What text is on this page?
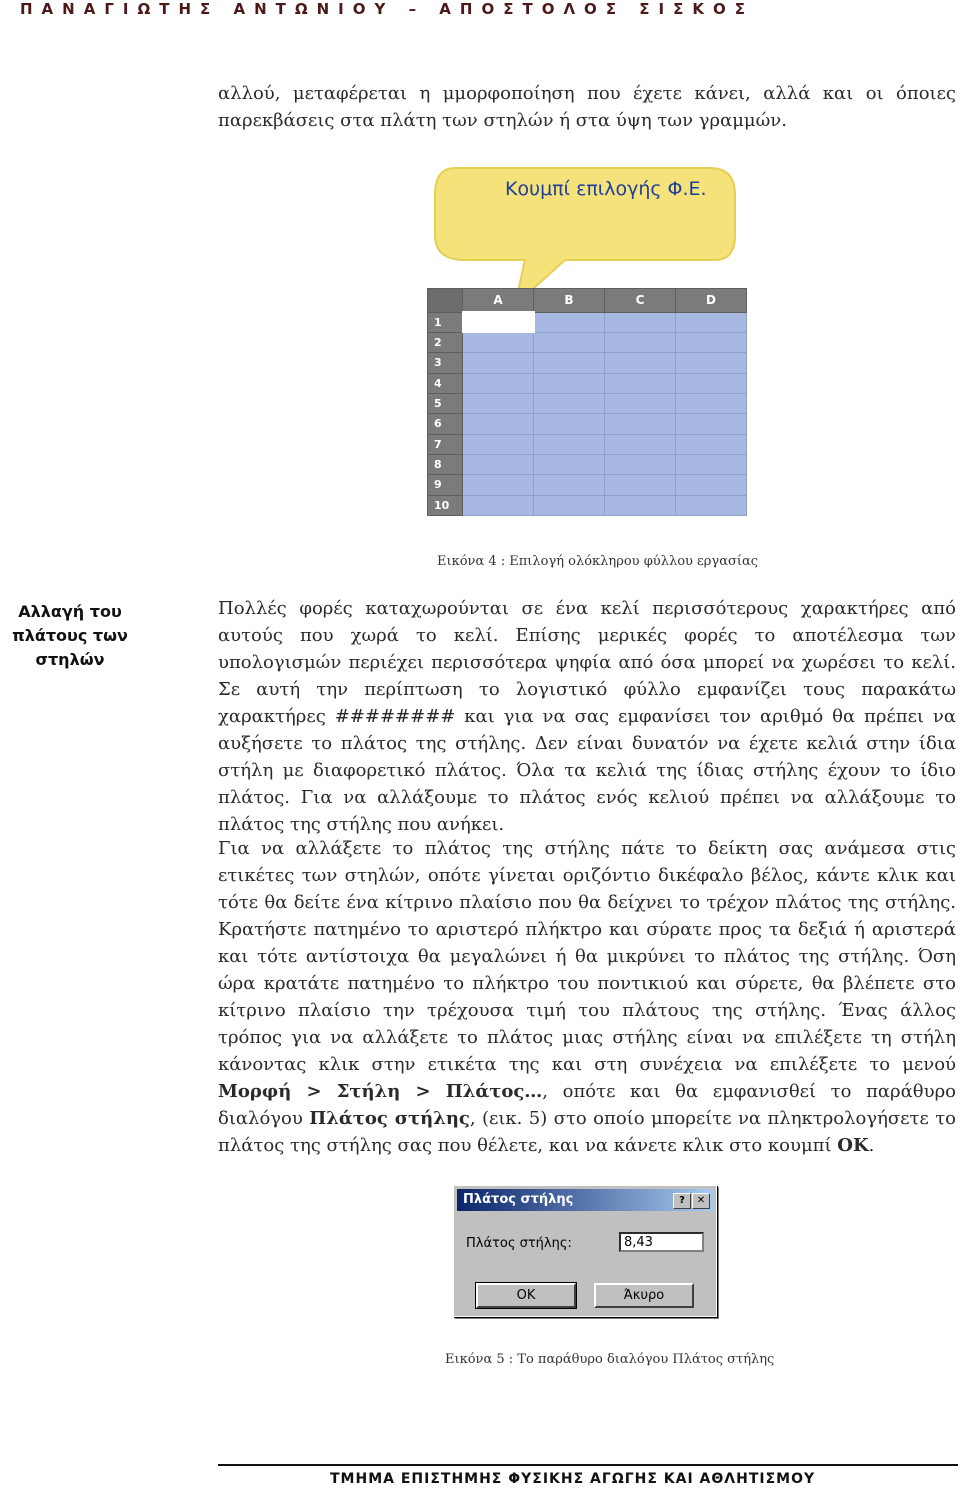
ΠΑΝΑΓΙΩΤΗΣ ΑΝΤΩΝΙΟΥ – ΑΠΟΣΤΟΛΟΣ ΣΙΣΚΟΣ

αλλού, μεταφέρεται η μμορφοποίηση που έχετε κάνει, αλλά και οι όποιες παρεκβάσεις στα πλάτη των στηλών ή στα ύψη των γραμμών.

Κουμπί επιλογής Φ.Ε.
	A	B	C	D
1				
2				
3				
4				
5				
6				
7				
8				
9				
10				
Εικόνα 4 : Επιλογή ολόκληρου φύλλου εργασίας
Αλλαγή του πλάτους των στηλών

Πολλές φορές καταχωρούνται σε ένα κελί περισσότερους χαρακτήρες από αυτούς που χωρά το κελί. Επίσης μερικές φορές το αποτέλεσμα των υπολογισμών περιέχει περισσότερα ψηφία από όσα μπορεί να χωρέσει το κελί. Σε αυτή την περίπτωση το λογιστικό φύλλο εμφανίζει τους παρακάτω χαρακτήρες ######## και για να σας εμφανίσει τον αριθμό θα πρέπει να αυξήσετε το πλάτος της στήλης. Δεν είναι δυνατόν να έχετε κελιά στην ίδια στήλη με διαφορετικό πλάτος. Όλα τα κελιά της ίδιας στήλης έχουν το ίδιο πλάτος. Για να αλλάξουμε το πλάτος ενός κελιού πρέπει να αλλάξουμε το πλάτος της στήλης που ανήκει.

Για να αλλάξετε το πλάτος της στήλης πάτε το δείκτη σας ανάμεσα στις ετικέτες των στηλών, οπότε γίνεται οριζόντιο δικέφαλο βέλος, κάντε κλικ και τότε θα δείτε ένα κίτρινο πλαίσιο που θα δείχνει το τρέχον πλάτος της στήλης. Κρατήστε πατημένο το αριστερό πλήκτρο και σύρατε προς τα δεξιά ή αριστερά και τότε αντίστοιχα θα μεγαλώνει ή θα μικρύνει το πλάτος της στήλης. Όση ώρα κρατάτε πατημένο το πλήκτρο του ποντικιού και σύρετε, θα βλέπετε στο κίτρινο πλαίσιο την τρέχουσα τιμή του πλάτους της στήλης. Ένας άλλος τρόπος για να αλλάξετε το πλάτος μιας στήλης είναι να επιλέξετε τη στήλη κάνοντας κλικ στην ετικέτα της και στη συνέχεια να επιλέξετε το μενού Μορφή > Στήλη > Πλάτος…, οπότε και θα εμφανισθεί το παράθυρο διαλόγου Πλάτος στήλης, (εικ. 5) στο οποίο μπορείτε να πληκτρολογήσετε το πλάτος της στήλης σας που θέλετε, και να κάνετε κλικ στο κουμπί OK.

Πλάτος στήλης	?	✕
Πλάτος στήλης:
8,43
OK	Άκυρο
Εικόνα 5 : Το παράθυρο διαλόγου Πλάτος στήλης
ΤΜΗΜΑ ΕΠΙΣΤΗΜΗΣ ΦΥΣΙΚΗΣ ΑΓΩΓΗΣ ΚΑΙ ΑΘΛΗΤΙΣΜΟΥ
